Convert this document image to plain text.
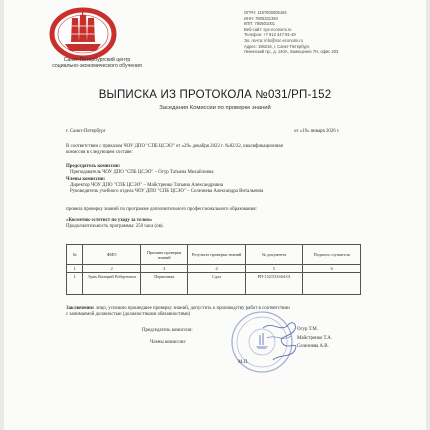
Санкт-Петербургский центр
социально-экономического обучения
ОГРН: 1197800005184
ИНН: 7805331384
КПП: 780501001
Веб-сайт: spc-economi.ru
Телефон: +7 812 447-81-49
Эл. почта: info@ssc-economi.ru
Адрес: 198216, г. Санкт-Петербург,
Ленинский пр., д. 140А, помещение 7Н, офис 203
ВЫПИСКА ИЗ ПРОТОКОЛА №031/РП-152
Заседания Комиссии по проверке знаний
г. Санкт-Петербург	от «19» января 2026 г.
В соответствии с приказом ЧОУ ДПО "СПБ ЦСЭО" от «29» декабря 2022 г. №02/22, квалификационная
комиссия в следующем составе:
Председатель комиссии:
Преподаватель ЧОУ ДПО "СПБ ЦСЭО" – Огур Татьяна Михайловна
Члены комиссии:
Директор ЧОУ ДПО "СПБ ЦСЭО" – Майстренко Татьяна Александровна
Руководитель учебного отдела ЧОУ ДПО "СПБ ЦСЭО" – Селезнева Александра Витальевна
провела проверку знаний по программе дополнительного профессионального образования:
«Косметик-эстетист по уходу за телом»
Продолжительность программы: 250 часа (ов).
№	ФИО	Причина проверки знаний	Результат проверки знаний	№ документа	Подпись слушателя
1	2	3	4	5	6
1	Эрих Валерий Робертович	Первичная	Сдал	РП-152/531604-01	
Заключение: лицо, успешно прошедшее проверку знаний, допустить к производству работ в соответствии
с занимаемой должностью (должностными обязанностями)
Председатель комиссии:
Члены комиссии:
Огур Т.М.
Майстренко Т.А.
Селезнева А.В.
М.П.
